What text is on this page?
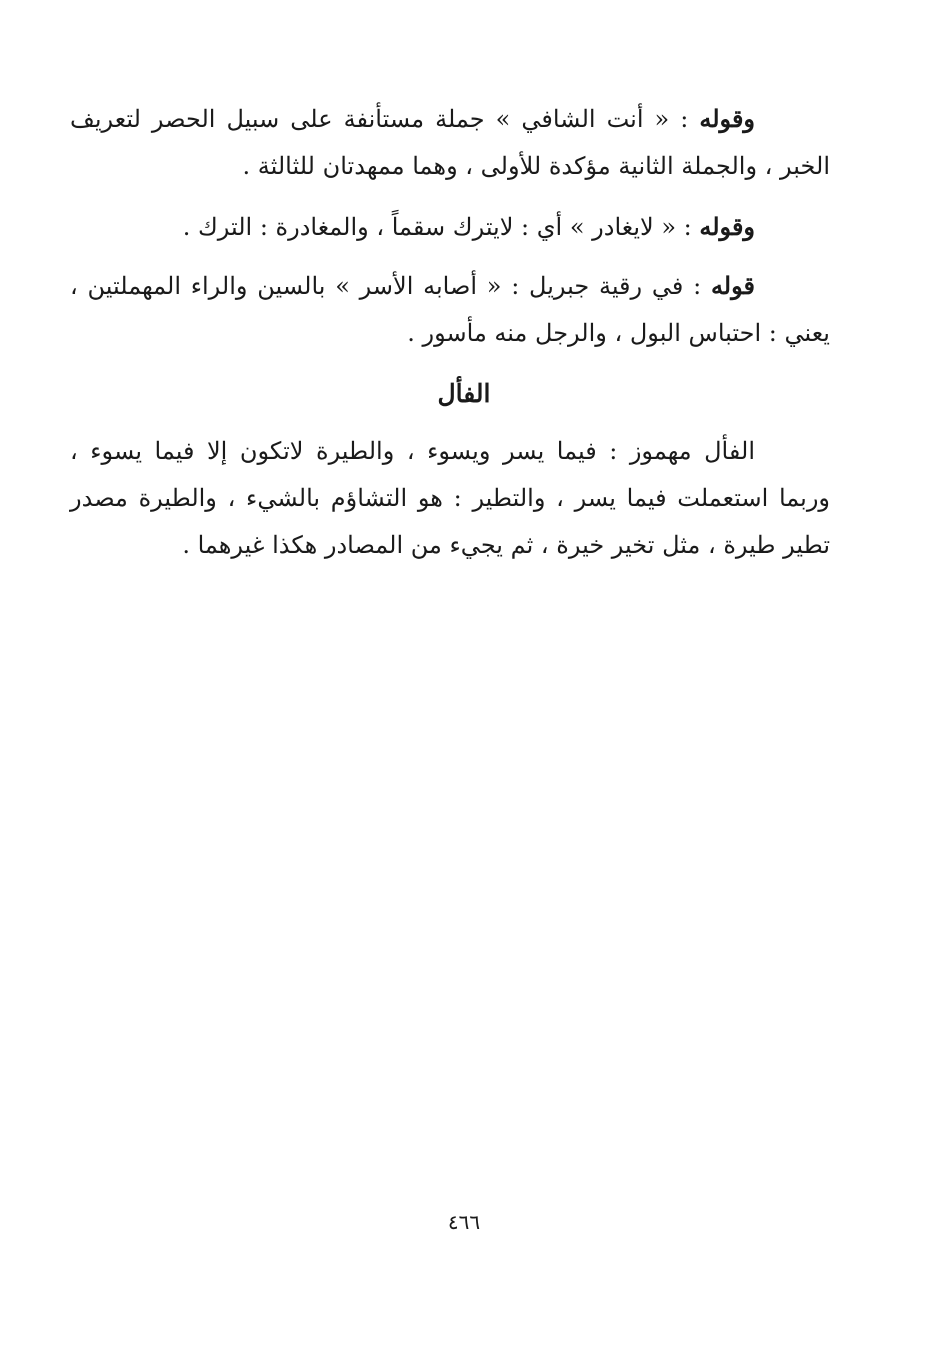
وقوله : « أنت الشافي » جملة مستأنفة على سبيل الحصر لتعريف الخبر ، والجملة الثانية مؤكدة للأولى ، وهما ممهدتان للثالثة .

وقوله : « لايغادر » أي : لايترك سقماً ، والمغادرة : الترك .

قوله : في رقية جبريل : « أصابه الأسر » بالسين والراء المهملتين ، يعني : احتباس البول ، والرجل منه مأسور .

الفأل

الفأل مهموز : فيما يسر ويسوء ، والطيرة لاتكون إلا فيما يسوء ، وربما استعملت فيما يسر ، والتطير : هو التشاؤم بالشيء ، والطيرة مصدر تطير طيرة ، مثل تخير خيرة ، ثم يجيء من المصادر هكذا غيرهما .

٤٦٦
